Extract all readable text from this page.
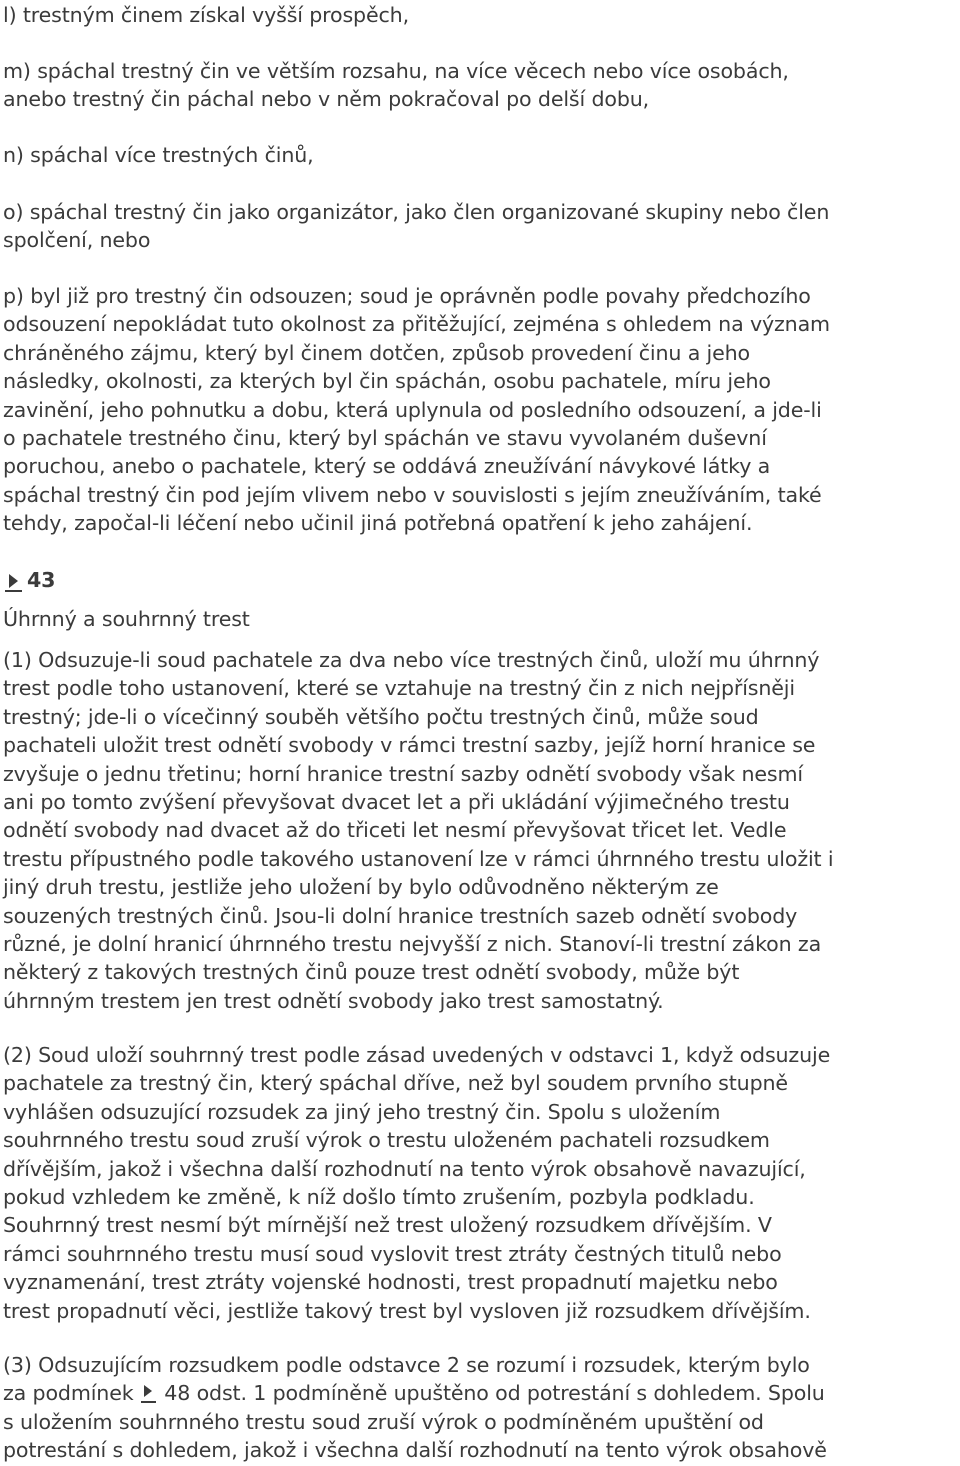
l) trestným činem získal vyšší prospěch,

m) spáchal trestný čin ve větším rozsahu, na více věcech nebo více osobách,
anebo trestný čin páchal nebo v něm pokračoval po delší dobu,

n) spáchal více trestných činů,

o) spáchal trestný čin jako organizátor, jako člen organizované skupiny nebo člen
spolčení, nebo

p) byl již pro trestný čin odsouzen; soud je oprávněn podle povahy předchozího
odsouzení nepokládat tuto okolnost za přitěžující, zejména s ohledem na význam
chráněného zájmu, který byl činem dotčen, způsob provedení činu a jeho
následky, okolnosti, za kterých byl čin spáchán, osobu pachatele, míru jeho
zavinění, jeho pohnutku a dobu, která uplynula od posledního odsouzení, a jde-li
o pachatele trestného činu, který byl spáchán ve stavu vyvolaném duševní
poruchou, anebo o pachatele, který se oddává zneužívání návykové látky a
spáchal trestný čin pod jejím vlivem nebo v souvislosti s jejím zneužíváním, také
tehdy, započal-li léčení nebo učinil jiná potřebná opatření k jeho zahájení.

43

Úhrnný a souhrnný trest

(1) Odsuzuje-li soud pachatele za dva nebo více trestných činů, uloží mu úhrnný
trest podle toho ustanovení, které se vztahuje na trestný čin z nich nejpřísněji
trestný; jde-li o vícečinný souběh většího počtu trestných činů, může soud
pachateli uložit trest odnětí svobody v rámci trestní sazby, jejíž horní hranice se
zvyšuje o jednu třetinu; horní hranice trestní sazby odnětí svobody však nesmí
ani po tomto zvýšení převyšovat dvacet let a při ukládání výjimečného trestu
odnětí svobody nad dvacet až do třiceti let nesmí převyšovat třicet let. Vedle
trestu přípustného podle takového ustanovení lze v rámci úhrnného trestu uložit i
jiný druh trestu, jestliže jeho uložení by bylo odůvodněno některým ze
souzených trestných činů. Jsou-li dolní hranice trestních sazeb odnětí svobody
různé, je dolní hranicí úhrnného trestu nejvyšší z nich. Stanoví-li trestní zákon za
některý z takových trestných činů pouze trest odnětí svobody, může být
úhrnným trestem jen trest odnětí svobody jako trest samostatný.

(2) Soud uloží souhrnný trest podle zásad uvedených v odstavci 1, když odsuzuje
pachatele za trestný čin, který spáchal dříve, než byl soudem prvního stupně
vyhlášen odsuzující rozsudek za jiný jeho trestný čin. Spolu s uložením
souhrnného trestu soud zruší výrok o trestu uloženém pachateli rozsudkem
dřívějším, jakož i všechna další rozhodnutí na tento výrok obsahově navazující,
pokud vzhledem ke změně, k níž došlo tímto zrušením, pozbyla podkladu.
Souhrnný trest nesmí být mírnější než trest uložený rozsudkem dřívějším. V
rámci souhrnného trestu musí soud vyslovit trest ztráty čestných titulů nebo
vyznamenání, trest ztráty vojenské hodnosti, trest propadnutí majetku nebo
trest propadnutí věci, jestliže takový trest byl vysloven již rozsudkem dřívějším.

(3) Odsuzujícím rozsudkem podle odstavce 2 se rozumí i rozsudek, kterým bylo
za podmínek  48 odst. 1 podmíněně upuštěno od potrestání s dohledem. Spolu
s uložením souhrnného trestu soud zruší výrok o podmíněném upuštění od
potrestání s dohledem, jakož i všechna další rozhodnutí na tento výrok obsahově
